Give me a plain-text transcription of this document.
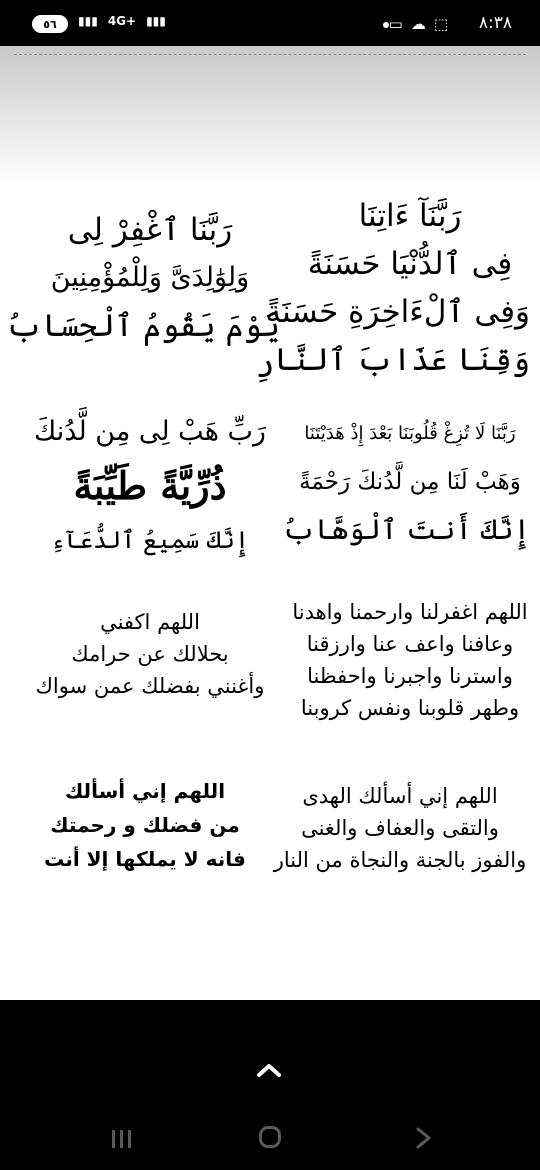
٥٦ ▮▮▮ 4G+ ▮▮▮	▭ ☁ ⬚ ٨:٣٨
رَبَّنَآ ءَاتِنَا
فِى ٱلدُّنْيَا حَسَنَةً
وَفِى ٱلْءَاخِرَةِ حَسَنَةً
وَقِنَا عَذَابَ ٱلنَّارِ
رَبَّنَا لَا تُزِغْ قُلُوبَنَا بَعْدَ إِذْ هَدَيْتَنَا
وَهَبْ لَنَا مِن لَّدُنكَ رَحْمَةً
إِنَّكَ أَنتَ ٱلْوَهَّابُ
اللهم اغفرلنا وارحمنا واهدنا
وعافنا واعف عنا وارزقنا
واسترنا واجبرنا واحفظنا
وطهر قلوبنا ونفس كروبنا
اللهم إني أسألك الهدى
والتقى والعفاف والغنى
والفوز بالجنة والنجاة من النار
رَبَّنَا ٱغْفِرْ لِى
وَلِوَٰلِدَىَّ وَلِلْمُؤْمِنِينَ
يَوْمَ يَقُومُ ٱلْحِسَابُ
رَبِّ هَبْ لِى مِن لَّدُنكَ
ذُرِّيَّةً طَيِّبَةً
إِنَّكَ سَمِيعُ ٱلدُّعَآءِ
اللهم اكفني
بحلالك عن حرامك
وأغنني بفضلك عمن سواك
اللهم إني أسألك
من فضلك و رحمتك
فانه لا يملكها إلا أنت
